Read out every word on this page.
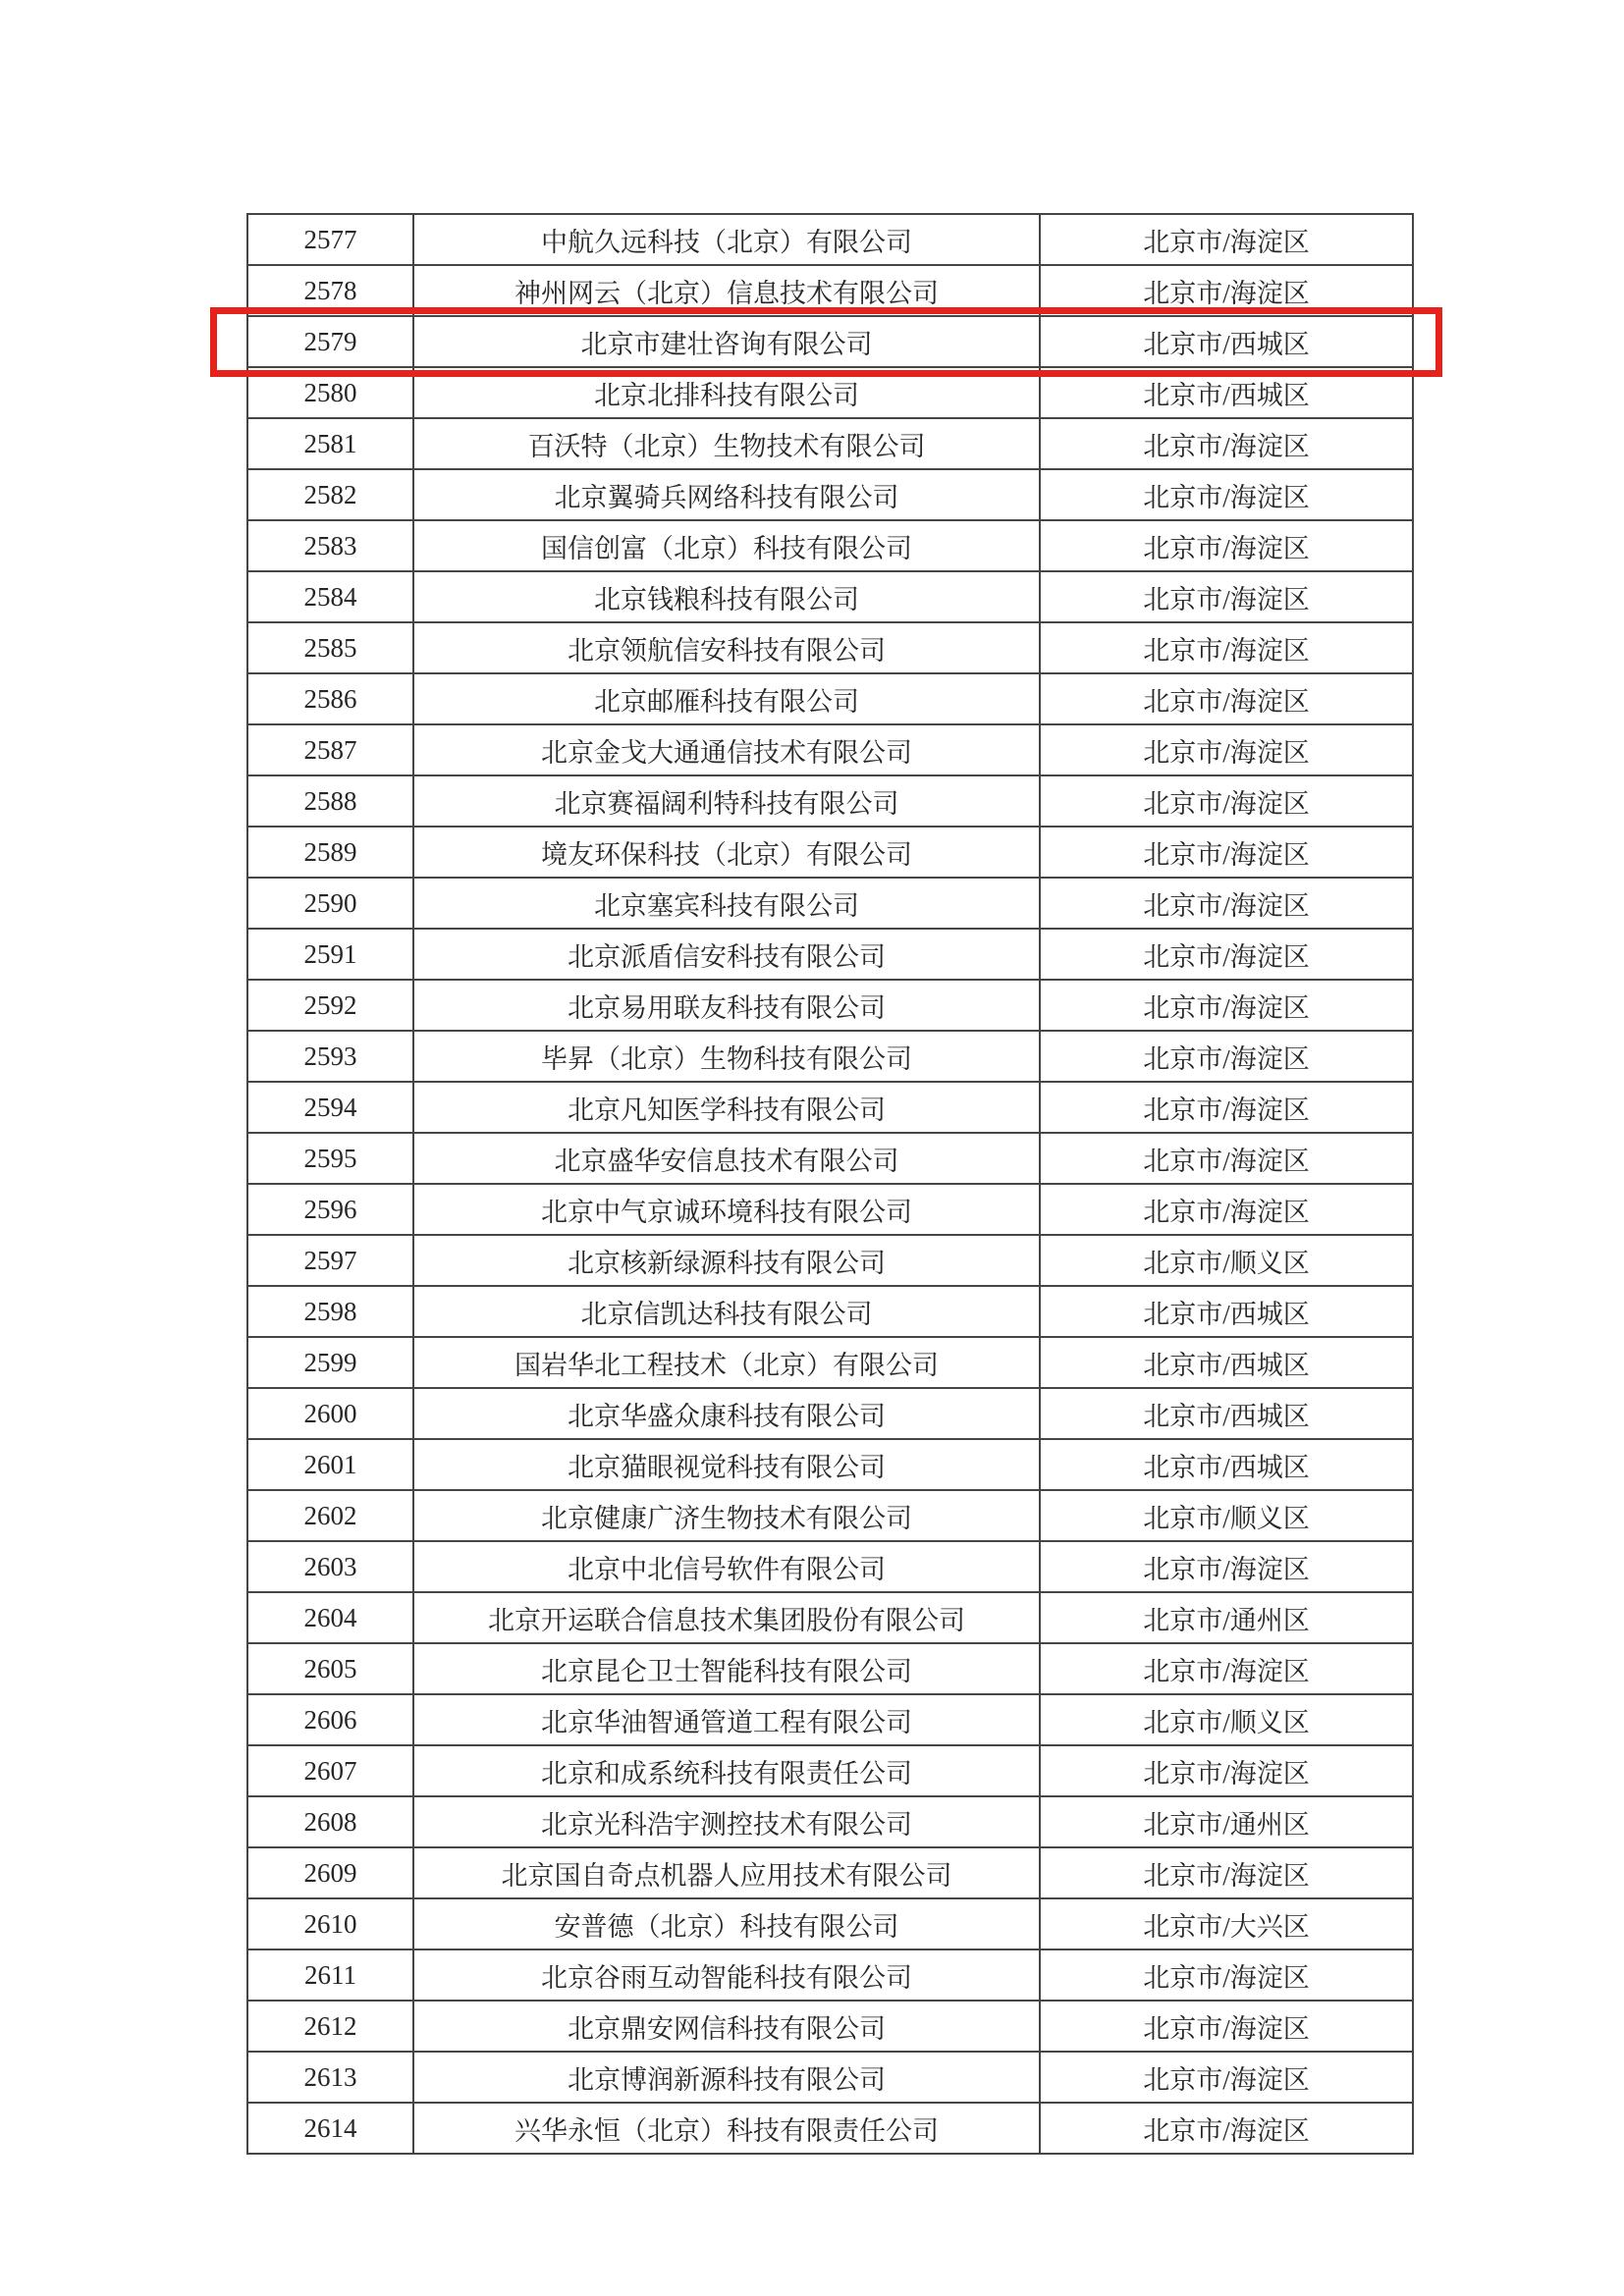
2577	中航久远科技（北京）有限公司	北京市/海淀区
2578	神州网云（北京）信息技术有限公司	北京市/海淀区
2579	北京市建壮咨询有限公司	北京市/西城区
2580	北京北排科技有限公司	北京市/西城区
2581	百沃特（北京）生物技术有限公司	北京市/海淀区
2582	北京翼骑兵网络科技有限公司	北京市/海淀区
2583	国信创富（北京）科技有限公司	北京市/海淀区
2584	北京钱粮科技有限公司	北京市/海淀区
2585	北京领航信安科技有限公司	北京市/海淀区
2586	北京邮雁科技有限公司	北京市/海淀区
2587	北京金戈大通通信技术有限公司	北京市/海淀区
2588	北京赛福阔利特科技有限公司	北京市/海淀区
2589	境友环保科技（北京）有限公司	北京市/海淀区
2590	北京塞宾科技有限公司	北京市/海淀区
2591	北京派盾信安科技有限公司	北京市/海淀区
2592	北京易用联友科技有限公司	北京市/海淀区
2593	毕昇（北京）生物科技有限公司	北京市/海淀区
2594	北京凡知医学科技有限公司	北京市/海淀区
2595	北京盛华安信息技术有限公司	北京市/海淀区
2596	北京中气京诚环境科技有限公司	北京市/海淀区
2597	北京核新绿源科技有限公司	北京市/顺义区
2598	北京信凯达科技有限公司	北京市/西城区
2599	国岩华北工程技术（北京）有限公司	北京市/西城区
2600	北京华盛众康科技有限公司	北京市/西城区
2601	北京猫眼视觉科技有限公司	北京市/西城区
2602	北京健康广济生物技术有限公司	北京市/顺义区
2603	北京中北信号软件有限公司	北京市/海淀区
2604	北京开运联合信息技术集团股份有限公司	北京市/通州区
2605	北京昆仑卫士智能科技有限公司	北京市/海淀区
2606	北京华油智通管道工程有限公司	北京市/顺义区
2607	北京和成系统科技有限责任公司	北京市/海淀区
2608	北京光科浩宇测控技术有限公司	北京市/通州区
2609	北京国自奇点机器人应用技术有限公司	北京市/海淀区
2610	安普德（北京）科技有限公司	北京市/大兴区
2611	北京谷雨互动智能科技有限公司	北京市/海淀区
2612	北京鼎安网信科技有限公司	北京市/海淀区
2613	北京博润新源科技有限公司	北京市/海淀区
2614	兴华永恒（北京）科技有限责任公司	北京市/海淀区
